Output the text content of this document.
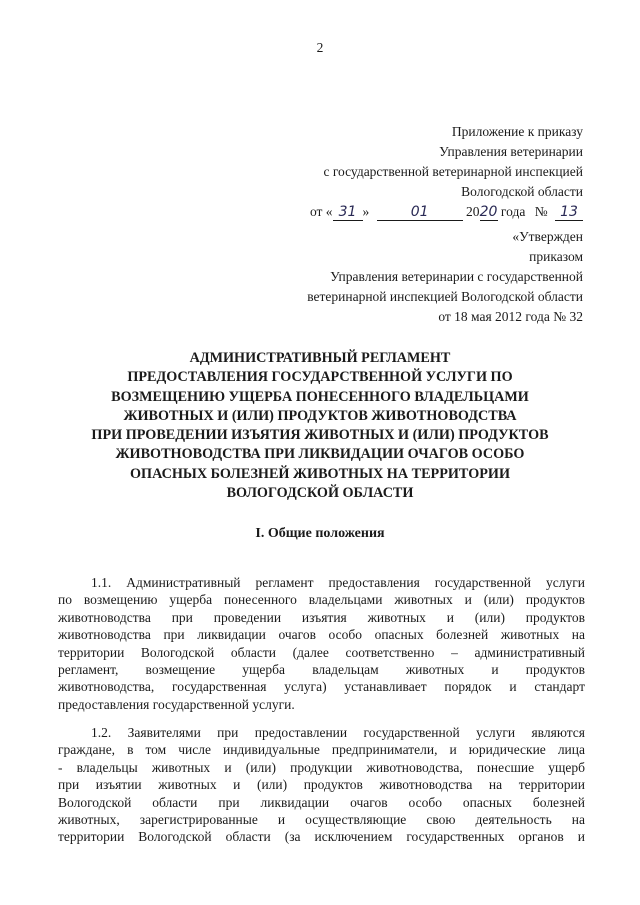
2
Приложение к приказу
Управления ветеринарии
с государственной ветеринарной инспекцией
Вологодской области
от « 31 »	01	2020 года № 13
«Утвержден
приказом
Управления ветеринарии с государственной
ветеринарной инспекцией Вологодской области
от 18 мая 2012 года № 32
АДМИНИСТРАТИВНЫЙ РЕГЛАМЕНТ
ПРЕДОСТАВЛЕНИЯ ГОСУДАРСТВЕННОЙ УСЛУГИ ПО
ВОЗМЕЩЕНИЮ УЩЕРБА ПОНЕСЕННОГО ВЛАДЕЛЬЦАМИ
ЖИВОТНЫХ И (ИЛИ) ПРОДУКТОВ ЖИВОТНОВОДСТВА
ПРИ ПРОВЕДЕНИИ ИЗЪЯТИЯ ЖИВОТНЫХ И (ИЛИ) ПРОДУКТОВ
ЖИВОТНОВОДСТВА ПРИ ЛИКВИДАЦИИ ОЧАГОВ ОСОБО
ОПАСНЫХ БОЛЕЗНЕЙ ЖИВОТНЫХ НА ТЕРРИТОРИИ
ВОЛОГОДСКОЙ ОБЛАСТИ
I. Общие положения
1.1. Административный регламент предоставления государственной услуги
по возмещению ущерба понесенного владельцами животных и (или) продуктов
животноводства при проведении изъятия животных и (или) продуктов
животноводства при ликвидации очагов особо опасных болезней животных на
территории Вологодской области (далее соответственно – административный
регламент, возмещение ущерба владельцам животных и продуктов
животноводства, государственная услуга) устанавливает порядок и стандарт
предоставления государственной услуги.
1.2. Заявителями при предоставлении государственной услуги являются
граждане, в том числе индивидуальные предприниматели, и юридические лица
- владельцы животных и (или) продукции животноводства, понесшие ущерб
при изъятии животных и (или) продуктов животноводства на территории
Вологодской области при ликвидации очагов особо опасных болезней
животных, зарегистрированные и осуществляющие свою деятельность на
территории Вологодской области (за исключением государственных органов и
